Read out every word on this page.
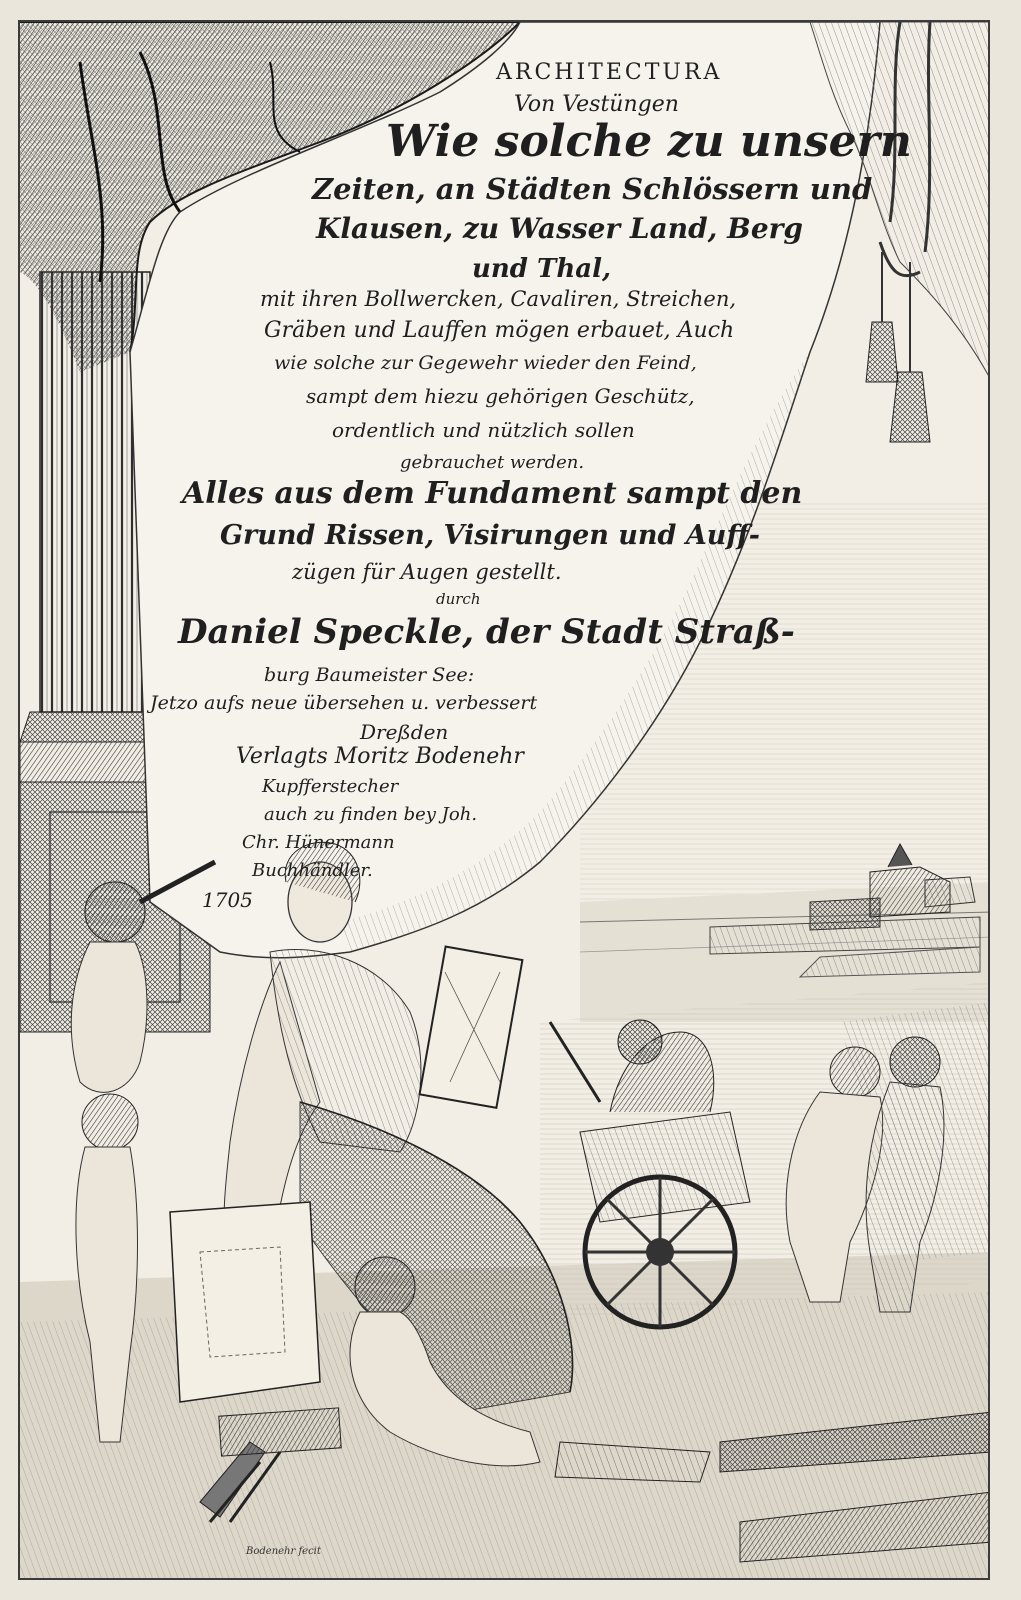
ARCHITECTURA
Von Vestüngen
Wie solche zu unsern
Zeiten, an Städten Schlössern und
Klausen, zu Wasser Land, Berg
und Thal,
mit ihren Bollwercken, Cavaliren, Streichen,
Gräben und Lauffen mögen erbauet, Auch
wie solche zur Gegewehr wieder den Feind,
sampt dem hiezu gehörigen Geschütz,
ordentlich und nützlich sollen
gebrauchet werden.
Alles aus dem Fundament sampt den
Grund Rissen, Visirungen und Auff-
zügen für Augen gestellt.
durch
Daniel Specklе, der Stadt Straß-
burg Baumeister See:
Jetzo aufs neue übersehen u. verbessert
Dreßden
Verlagts Moritz Bodenehr
Kupfferstecher
auch zu finden bey Joh.
Chr. Hünermann
Buchhändler.
1705
Bodenehr fecit
